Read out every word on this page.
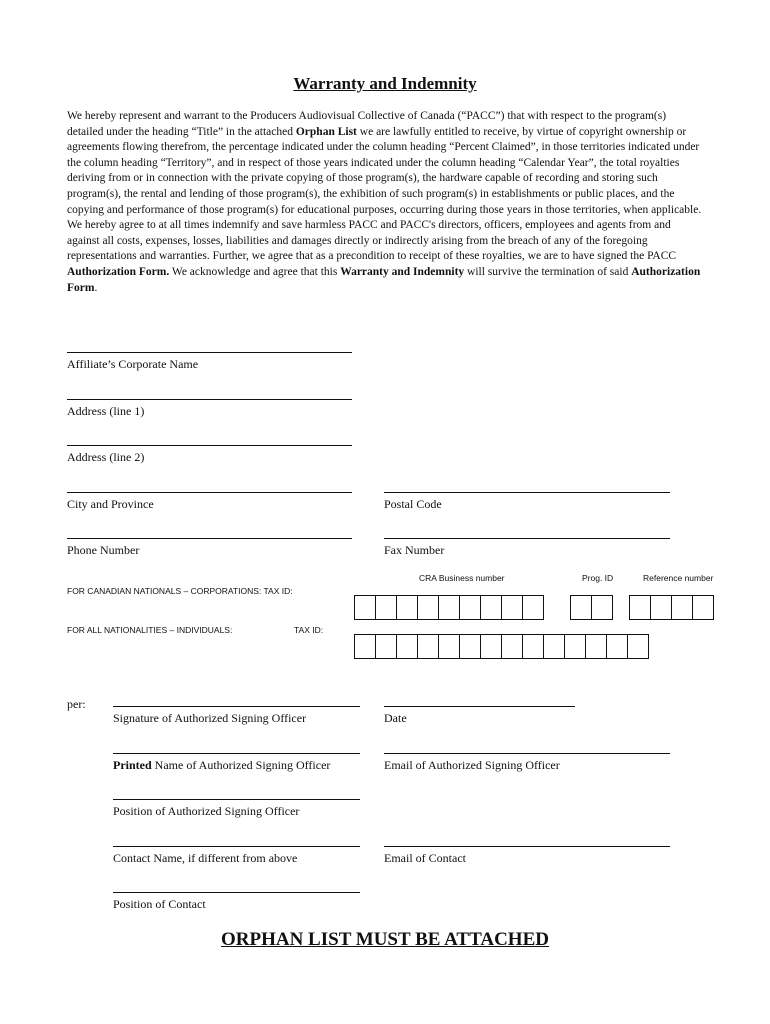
Warranty and Indemnity
We hereby represent and warrant to the Producers Audiovisual Collective of Canada (“PACC”) that with respect to the program(s) detailed under the heading “Title” in the attached Orphan List we are lawfully entitled to receive, by virtue of copyright ownership or agreements flowing therefrom, the percentage indicated under the column heading “Percent Claimed”, in those territories indicated under the column heading “Territory”, and in respect of those years indicated under the column heading “Calendar Year”, the total royalties deriving from or in connection with the private copying of those program(s), the hardware capable of recording and storing such program(s), the rental and lending of those program(s), the exhibition of such program(s) in establishments or public places, and the copying and performance of those program(s) for educational purposes, occurring during those years in those territories, when applicable. We hereby agree to at all times indemnify and save harmless PACC and PACC's directors, officers, employees and agents from and against all costs, expenses, losses, liabilities and damages directly or indirectly arising from the breach of any of the foregoing representations and warranties. Further, we agree that as a precondition to receipt of these royalties, we are to have signed the PACC Authorization Form. We acknowledge and agree that this Warranty and Indemnity will survive the termination of said Authorization Form.
Affiliate’s Corporate Name
Address (line 1)
Address (line 2)
City and Province	Postal Code
Phone Number	Fax Number
CRA Business number	Prog. ID	Reference number
FOR CANADIAN NATIONALS – CORPORATIONS: TAX ID:
FOR ALL NATIONALITIES – INDIVIDUALS:	TAX ID:
per:
Signature of Authorized Signing Officer	Date
Printed Name of Authorized Signing Officer	Email of Authorized Signing Officer
Position of Authorized Signing Officer
Contact Name, if different from above	Email of Contact
Position of Contact
ORPHAN LIST MUST BE ATTACHED
